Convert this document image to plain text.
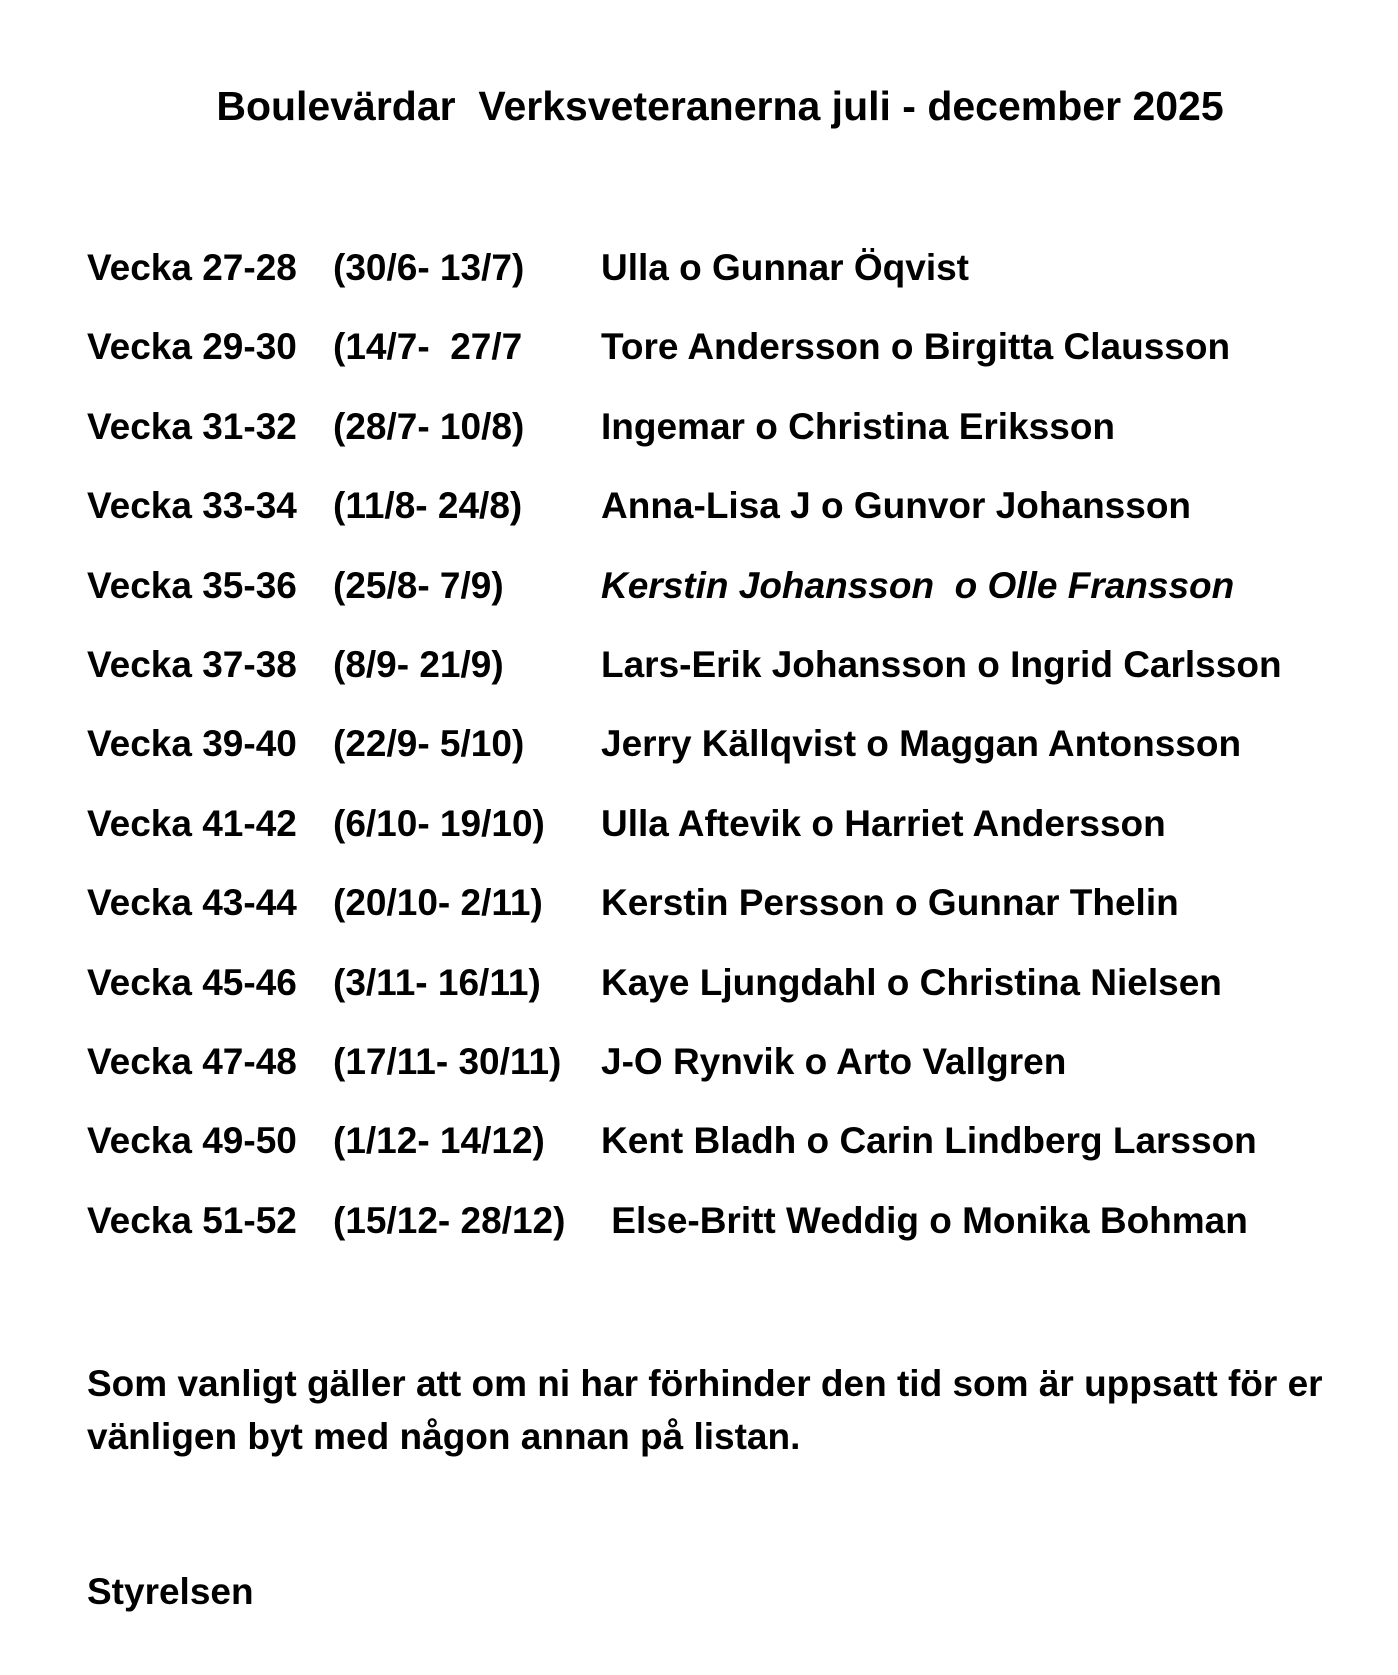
Boulevärdar  Verksveteranerna juli - december 2025
Vecka 27-28 (30/6- 13/7) Ulla o Gunnar Öqvist
Vecka 29-30 (14/7-  27/7 Tore Andersson o Birgitta Clausson
Vecka 31-32 (28/7- 10/8) Ingemar o Christina Eriksson
Vecka 33-34 (11/8- 24/8) Anna-Lisa J o Gunvor Johansson
Vecka 35-36 (25/8- 7/9)	Kerstin Johansson  o Olle Fransson
Vecka 37-38 (8/9- 21/9)	Lars-Erik Johansson o Ingrid Carlsson
Vecka 39-40 (22/9- 5/10) Jerry Källqvist o Maggan Antonsson
Vecka 41-42 (6/10- 19/10) Ulla Aftevik o Harriet Andersson
Vecka 43-44 (20/10- 2/11) Kerstin Persson o Gunnar Thelin
Vecka 45-46 (3/11- 16/11) Kaye Ljungdahl o Christina Nielsen
Vecka 47-48 (17/11- 30/11) J-O Rynvik o Arto Vallgren
Vecka 49-50 (1/12- 14/12) Kent Bladh o Carin Lindberg Larsson
Vecka 51-52 (15/12- 28/12) Else-Britt Weddig o Monika Bohman
Som vanligt gäller att om ni har förhinder den tid som är uppsatt för er vänligen byt med någon annan på listan.
Styrelsen
